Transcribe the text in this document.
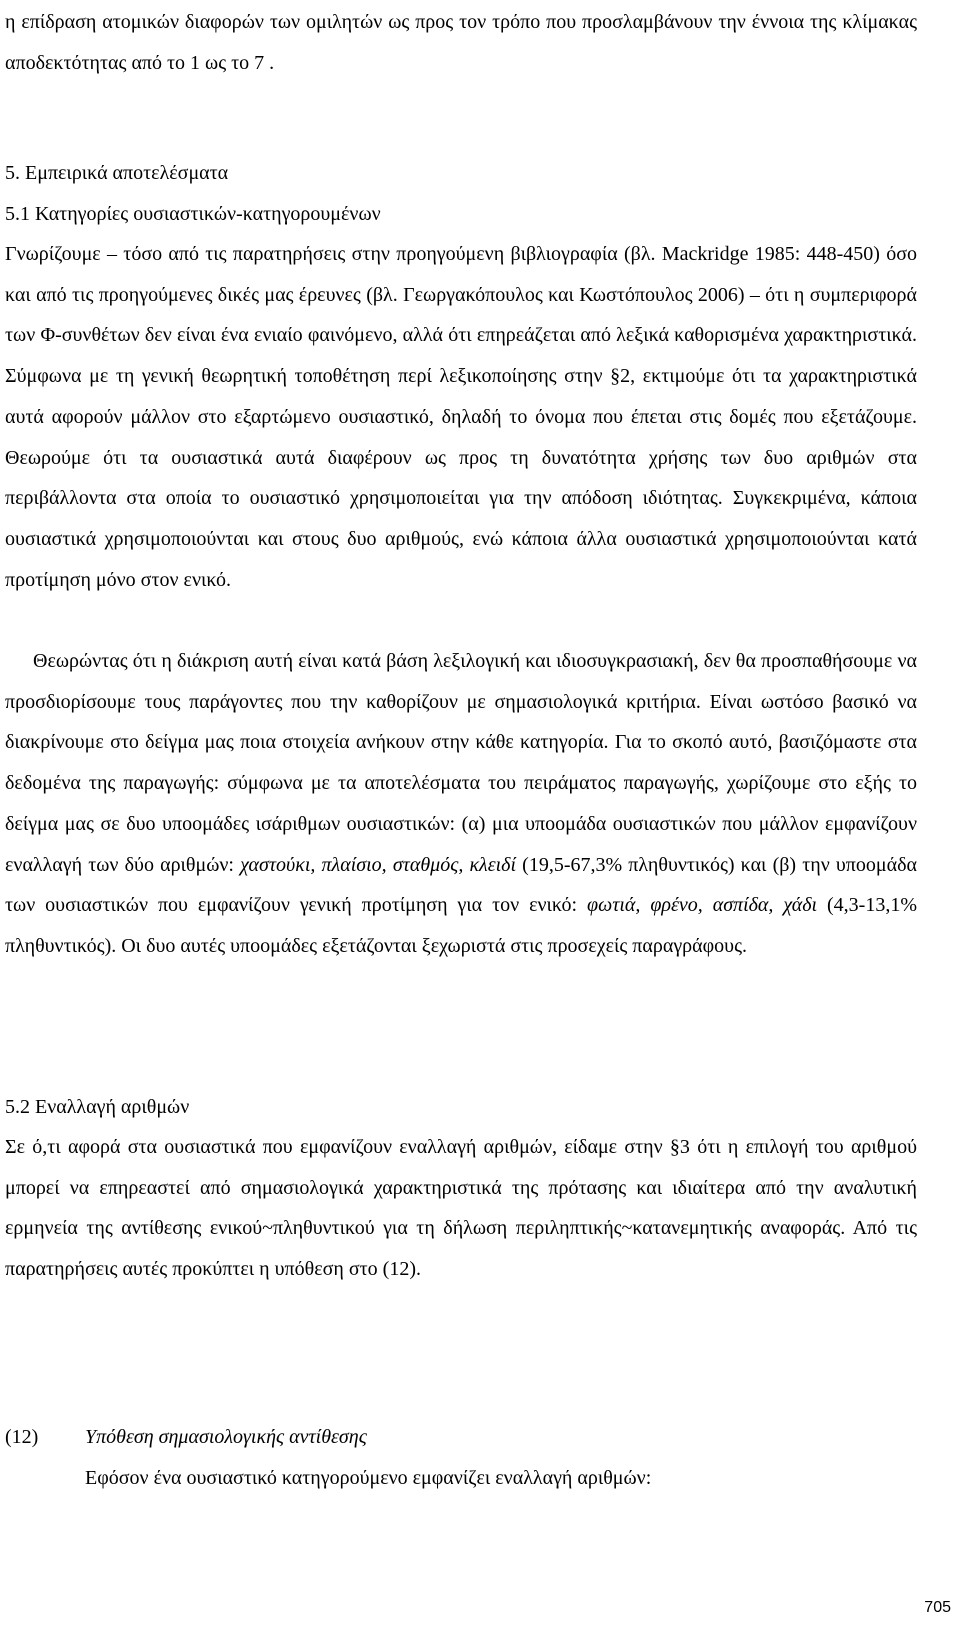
η επίδραση ατομικών διαφορών των ομιλητών ως προς τον τρόπο που προσλαμβάνουν την έννοια της κλίμακας αποδεκτότητας από το 1 ως το 7 .

5. Εμπειρικά αποτελέσματα

5.1 Κατηγορίες ουσιαστικών-κατηγορουμένων

Γνωρίζουμε – τόσο από τις παρατηρήσεις στην προηγούμενη βιβλιογραφία (βλ. Mackridge 1985: 448-450) όσο και από τις προηγούμενες δικές μας έρευνες (βλ. Γεωργακόπουλος και Κωστόπουλος 2006) – ότι η συμπεριφορά των Φ-συνθέτων δεν είναι ένα ενιαίο φαινόμενο, αλλά ότι επηρεάζεται από λεξικά καθορισμένα χαρακτηριστικά. Σύμφωνα με τη γενική θεωρητική τοποθέτηση περί λεξικοποίησης στην §2, εκτιμούμε ότι τα χαρακτηριστικά αυτά αφορούν μάλλον στο εξαρτώμενο ουσιαστικό, δηλαδή το όνομα που έπεται στις δομές που εξετάζουμε. Θεωρούμε ότι τα ουσιαστικά αυτά διαφέρουν ως προς τη δυνατότητα χρήσης των δυο αριθμών στα περιβάλλοντα στα οποία το ουσιαστικό χρησιμοποιείται για την απόδοση ιδιότητας. Συγκεκριμένα, κάποια ουσιαστικά χρησιμοποιούνται και στους δυο αριθμούς, ενώ κάποια άλλα ουσιαστικά χρησιμοποιούνται κατά προτίμηση μόνο στον ενικό.

Θεωρώντας ότι η διάκριση αυτή είναι κατά βάση λεξιλογική και ιδιοσυγκρασιακή, δεν θα προσπαθήσουμε να προσδιορίσουμε τους παράγοντες που την καθορίζουν με σημασιολογικά κριτήρια. Είναι ωστόσο βασικό να διακρίνουμε στο δείγμα μας ποια στοιχεία ανήκουν στην κάθε κατηγορία. Για το σκοπό αυτό, βασιζόμαστε στα δεδομένα της παραγωγής: σύμφωνα με τα αποτελέσματα του πειράματος παραγωγής, χωρίζουμε στο εξής το δείγμα μας σε δυο υποομάδες ισάριθμων ουσιαστικών: (α) μια υποομάδα ουσιαστικών που μάλλον εμφανίζουν εναλλαγή των δύο αριθμών: χαστούκι, πλαίσιο, σταθμός, κλειδί (19,5-67,3% πληθυντικός) και (β) την υποομάδα των ουσιαστικών που εμφανίζουν γενική προτίμηση για τον ενικό: φωτιά, φρένο, ασπίδα, χάδι (4,3-13,1% πληθυντικός). Οι δυο αυτές υποομάδες εξετάζονται ξεχωριστά στις προσεχείς παραγράφους.

5.2 Εναλλαγή αριθμών

Σε ό,τι αφορά στα ουσιαστικά που εμφανίζουν εναλλαγή αριθμών, είδαμε στην §3 ότι η επιλογή του αριθμού μπορεί να επηρεαστεί από σημασιολογικά χαρακτηριστικά της πρότασης και ιδιαίτερα από την αναλυτική ερμηνεία της αντίθεσης ενικού~πληθυντικού για τη δήλωση περιληπτικής~κατανεμητικής αναφοράς. Από τις παρατηρήσεις αυτές προκύπτει η υπόθεση στο (12).

(12) Υπόθεση σημασιολογικής αντίθεσης

Εφόσον ένα ουσιαστικό κατηγορούμενο εμφανίζει εναλλαγή αριθμών:

705
